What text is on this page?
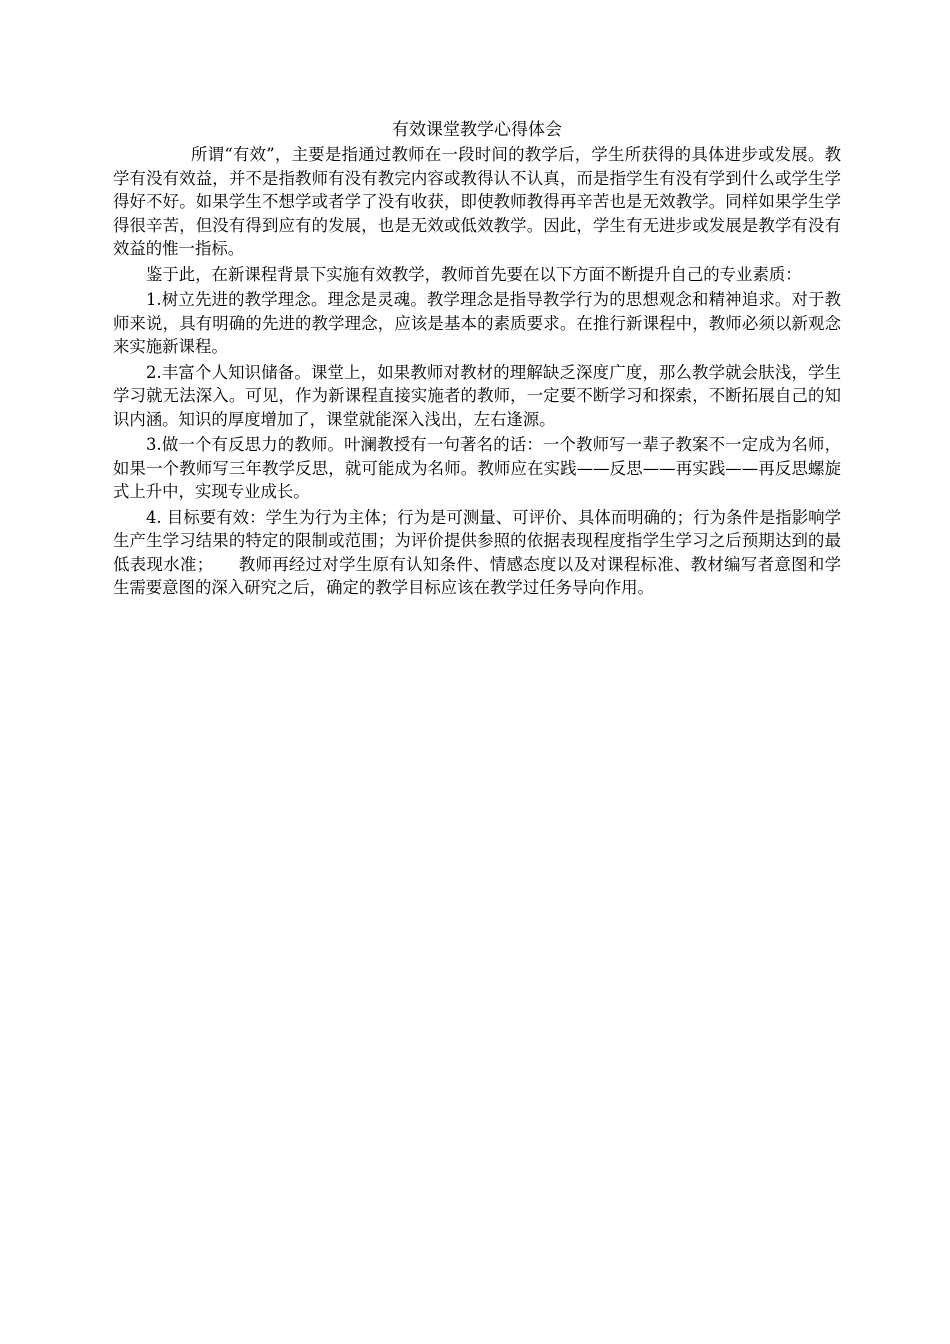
有效课堂教学心得体会

所谓“有效”，主要是指通过教师在一段时间的教学后，学生所获得的具体进步或发展。教学有没有效益，并不是指教师有没有教完内容或教得认不认真，而是指学生有没有学到什么或学生学得好不好。如果学生不想学或者学了没有收获，即使教师教得再辛苦也是无效教学。同样如果学生学得很辛苦，但没有得到应有的发展，也是无效或低效教学。因此，学生有无进步或发展是教学有没有效益的惟一指标。

鉴于此，在新课程背景下实施有效教学，教师首先要在以下方面不断提升自己的专业素质：

1.树立先进的教学理念。理念是灵魂。教学理念是指导教学行为的思想观念和精神追求。对于教师来说，具有明确的先进的教学理念，应该是基本的素质要求。在推行新课程中，教师必须以新观念来实施新课程。

2.丰富个人知识储备。课堂上，如果教师对教材的理解缺乏深度广度，那么教学就会肤浅，学生学习就无法深入。可见，作为新课程直接实施者的教师，一定要不断学习和探索，不断拓展自己的知识内涵。知识的厚度增加了，课堂就能深入浅出，左右逢源。

3.做一个有反思力的教师。叶澜教授有一句著名的话：一个教师写一辈子教案不一定成为名师，如果一个教师写三年教学反思，就可能成为名师。教师应在实践——反思——再实践——再反思螺旋式上升中，实现专业成长。

4. 目标要有效：学生为行为主体；行为是可测量、可评价、具体而明确的；行为条件是指影响学生产生学习结果的特定的限制或范围；为评价提供参照的依据表现程度指学生学习之后预期达到的最低表现水准；　　教师再经过对学生原有认知条件、情感态度以及对课程标准、教材编写者意图和学生需要意图的深入研究之后，确定的教学目标应该在教学过任务导向作用。
